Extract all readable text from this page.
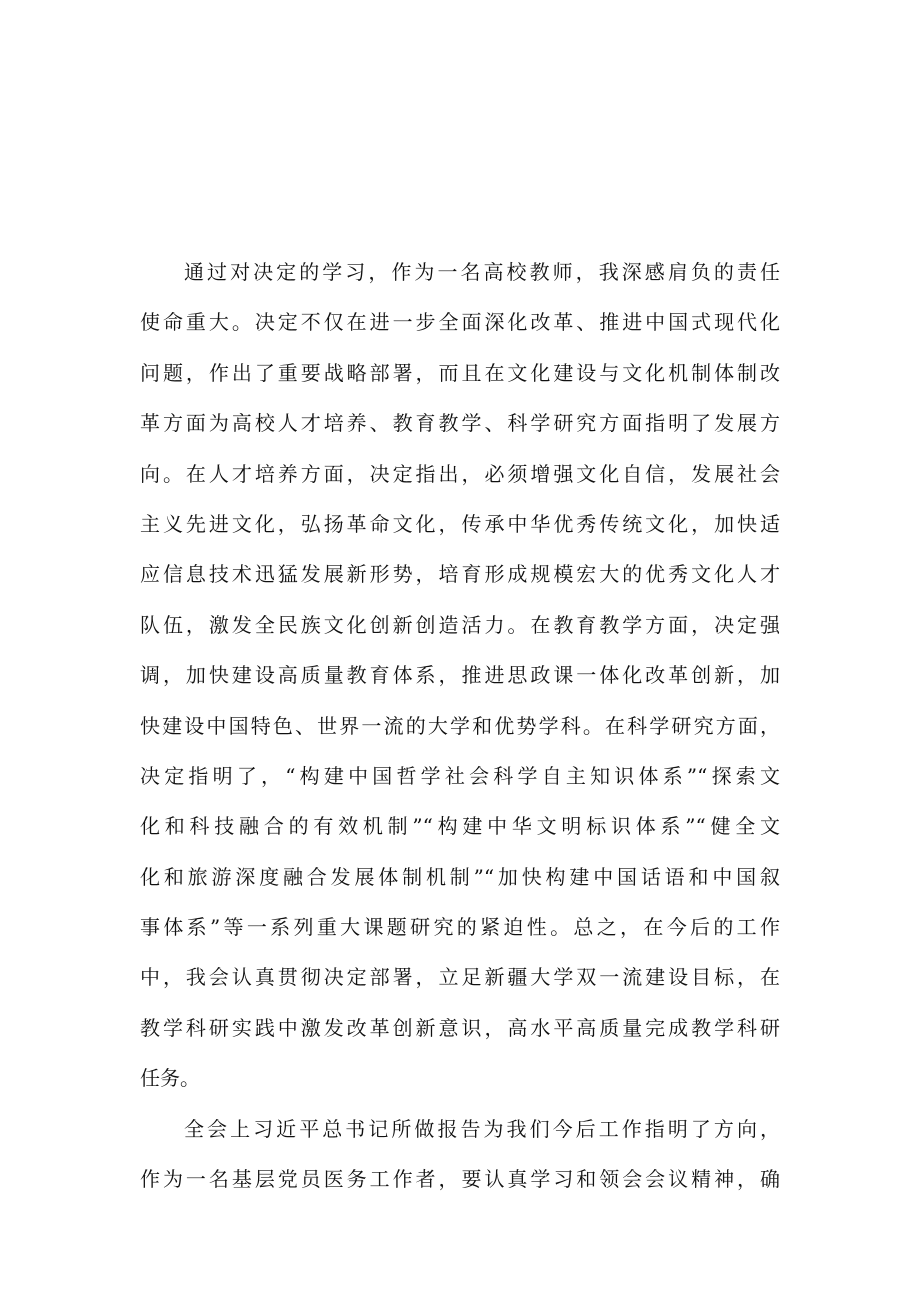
通过对决定的学习，作为一名高校教师，我深感肩负的责任
使命重大。决定不仅在进一步全面深化改革、推进中国式现代化
问题，作出了重要战略部署，而且在文化建设与文化机制体制改
革方面为高校人才培养、教育教学、科学研究方面指明了发展方
向。在人才培养方面，决定指出，必须增强文化自信，发展社会
主义先进文化，弘扬革命文化，传承中华优秀传统文化，加快适
应信息技术迅猛发展新形势，培育形成规模宏大的优秀文化人才
队伍，激发全民族文化创新创造活力。在教育教学方面，决定强
调，加快建设高质量教育体系，推进思政课一体化改革创新，加
快建设中国特色、世界一流的大学和优势学科。在科学研究方面，
决定指明了，“构建中国哲学社会科学自主知识体系”“探索文
化和科技融合的有效机制”“构建中华文明标识体系”“健全文
化和旅游深度融合发展体制机制”“加快构建中国话语和中国叙
事体系”等一系列重大课题研究的紧迫性。总之，在今后的工作
中，我会认真贯彻决定部署，立足新疆大学双一流建设目标，在
教学科研实践中激发改革创新意识，高水平高质量完成教学科研
任务。
全会上习近平总书记所做报告为我们今后工作指明了方向，
作为一名基层党员医务工作者，要认真学习和领会会议精神，确
